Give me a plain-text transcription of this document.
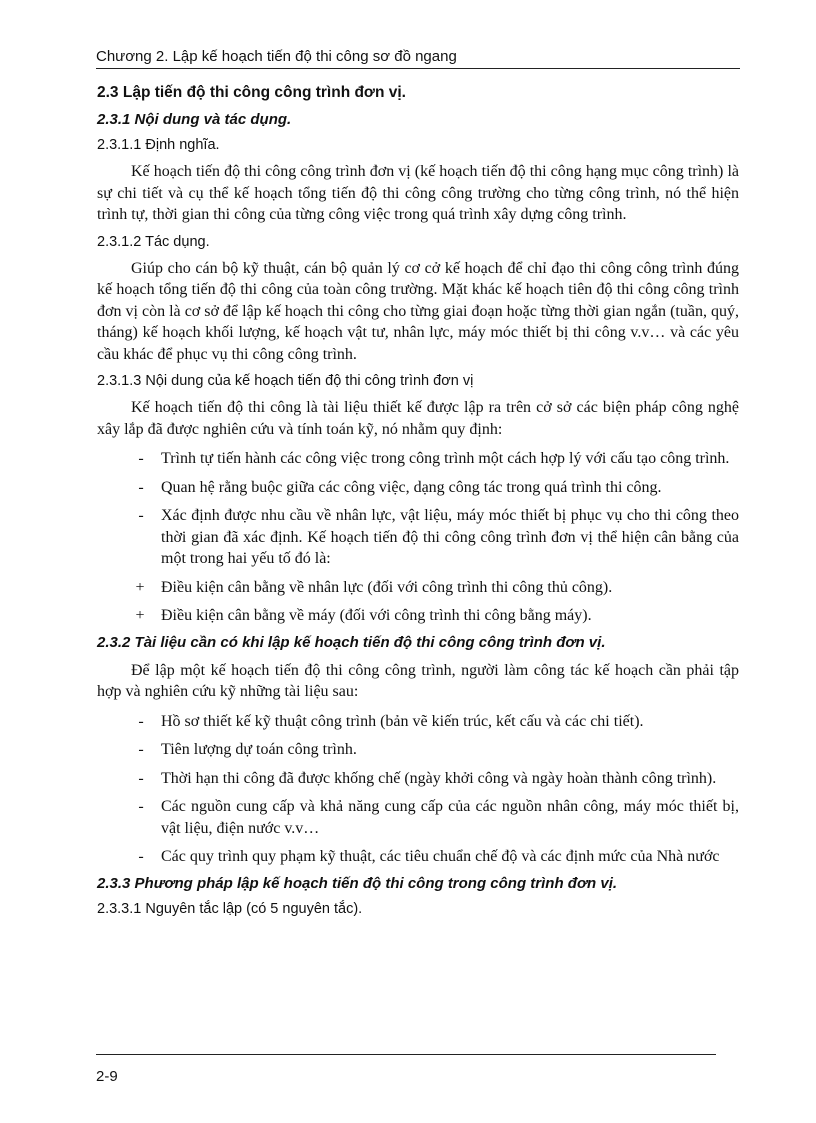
Chương 2. Lập kế hoạch tiến độ thi công sơ đồ ngang
2.3 Lập tiến độ thi công công trình đơn vị.
2.3.1 Nội dung và tác dụng.
2.3.1.1 Định nghĩa.

Kế hoạch tiến độ thi công công trình đơn vị (kế hoạch tiến độ thi công hạng mục công trình) là sự chi tiết và cụ thể kế hoạch tổng tiến độ thi công công trường cho từng công trình, nó thể hiện trình tự, thời gian thi công của từng công việc trong quá trình xây dựng công trình.

2.3.1.2 Tác dụng.

Giúp cho cán bộ kỹ thuật, cán bộ quản lý cơ cở kế hoạch để chỉ đạo thi công công trình đúng kế hoạch tổng tiến độ thi công của toàn công trường. Mặt khác kế hoạch tiên độ thi công công trình đơn vị còn là cơ sở để lập kế hoạch thi công cho từng giai đoạn hoặc từng thời gian ngắn (tuần, quý, tháng) kế hoạch khối lượng, kế hoạch vật tư, nhân lực, máy móc thiết bị thi công v.v… và các yêu cầu khác để phục vụ thi công công trình.

2.3.1.3 Nội dung của kế hoạch tiến độ thi công trình đơn vị

Kế hoạch tiến độ thi công là tài liệu thiết kế được lập ra trên cở sở các biện pháp công nghệ xây lắp đã được nghiên cứu và tính toán kỹ, nó nhằm quy định:

- Trình tự tiến hành các công việc trong công trình một cách hợp lý với cấu tạo công trình.
- Quan hệ rằng buộc giữa các công việc, dạng công tác trong quá trình thi công.
- Xác định được nhu cầu về nhân lực, vật liệu, máy móc thiết bị phục vụ cho thi công theo thời gian đã xác định. Kế hoạch tiến độ thi công công trình đơn vị thể hiện cân bằng của một trong hai yếu tố đó là:
+ Điều kiện cân bằng về nhân lực (đối với công trình thi công thủ công).
+ Điều kiện cân bằng về máy (đối với công trình thi công bằng máy).
2.3.2 Tài liệu cần có khi lập kế hoạch tiến độ thi công công trình đơn vị.

Để lập một kế hoạch tiến độ thi công công trình, người làm công tác kế hoạch cần phải tập hợp và nghiên cứu kỹ những tài liệu sau:

- Hồ sơ thiết kế kỹ thuật công trình (bản vẽ kiến trúc, kết cấu và các chi tiết).
- Tiên lượng dự toán công trình.
- Thời hạn thi công đã được khống chế (ngày khởi công và ngày hoàn thành công trình).
- Các nguồn cung cấp và khả năng cung cấp của các nguồn nhân công, máy móc thiết bị, vật liệu, điện nước v.v…
- Các quy trình quy phạm kỹ thuật, các tiêu chuẩn chế độ và các định mức của Nhà nước
2.3.3 Phương pháp lập kế hoạch tiến độ thi công trong công trình đơn vị.
2.3.3.1 Nguyên tắc lập (có 5 nguyên tắc).
2-9
